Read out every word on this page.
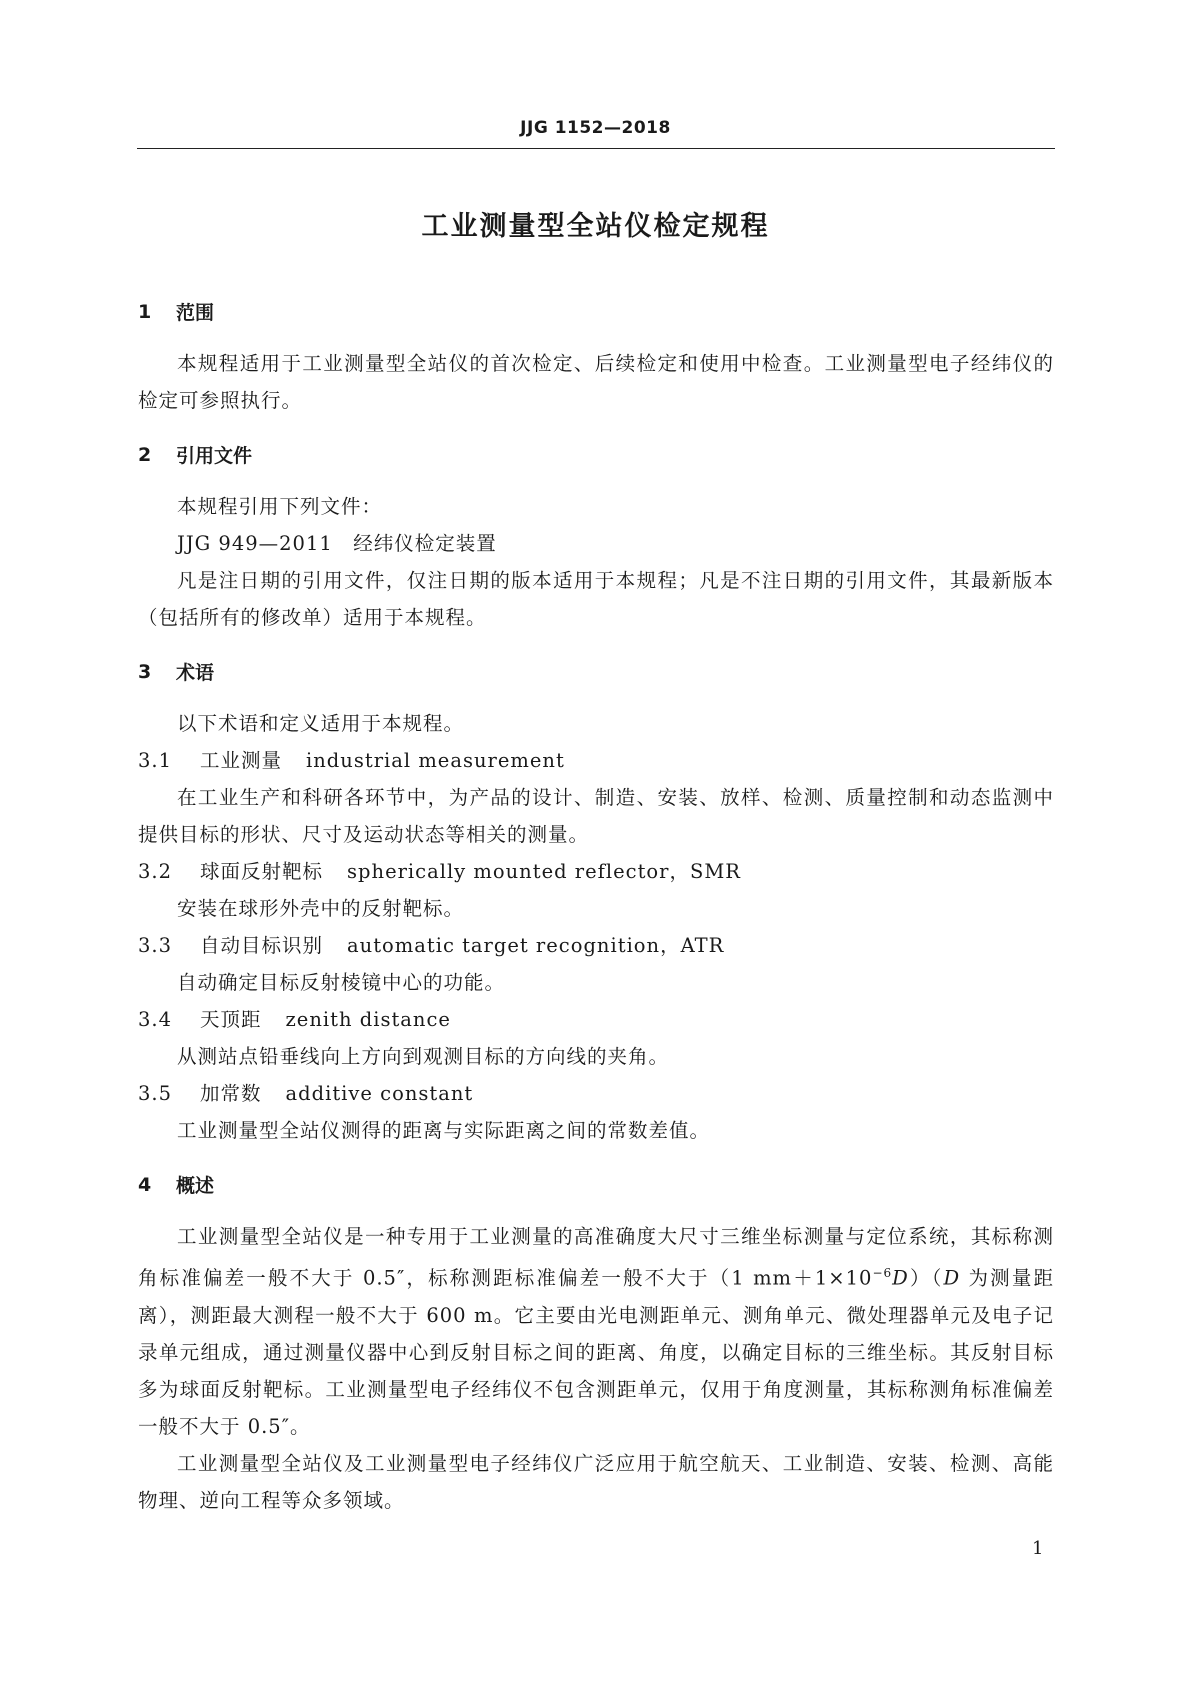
JJG 1152—2018
工业测量型全站仪检定规程
1	范围

本规程适用于工业测量型全站仪的首次检定、后续检定和使用中检查。工业测量型电子经纬仪的检定可参照执行。

2	引用文件

本规程引用下列文件：

JJG 949—2011　经纬仪检定装置

凡是注日期的引用文件，仅注日期的版本适用于本规程；凡是不注日期的引用文件，其最新版本（包括所有的修改单）适用于本规程。

3	术语

以下术语和定义适用于本规程。

3.1	工业测量 industrial measurement

在工业生产和科研各环节中，为产品的设计、制造、安装、放样、检测、质量控制和动态监测中提供目标的形状、尺寸及运动状态等相关的测量。

3.2	球面反射靶标 spherically mounted reflector，SMR

安装在球形外壳中的反射靶标。

3.3	自动目标识别 automatic target recognition，ATR

自动确定目标反射棱镜中心的功能。

3.4	天顶距 zenith distance

从测站点铅垂线向上方向到观测目标的方向线的夹角。

3.5	加常数 additive constant

工业测量型全站仪测得的距离与实际距离之间的常数差值。

4	概述

工业测量型全站仪是一种专用于工业测量的高准确度大尺寸三维坐标测量与定位系统，其标称测角标准偏差一般不大于 0.5″，标称测距标准偏差一般不大于（1 $mm+1\times 10^{-6}D)(D$ 为测量距离），测距最大测程一般不大于 600 m。它主要由光电测距单元、测角单元、微处理器单元及电子记录单元组成，通过测量仪器中心到反射目标之间的距离、角度，以确定目标的三维坐标。其反射目标多为球面反射靶标。工业测量型电子经纬仪不包含测距单元，仅用于角度测量，其标称测角标准偏差一般不大于 0.5″。

工业测量型全站仪及工业测量型电子经纬仪广泛应用于航空航天、工业制造、安装、检测、高能物理、逆向工程等众多领域。

1
